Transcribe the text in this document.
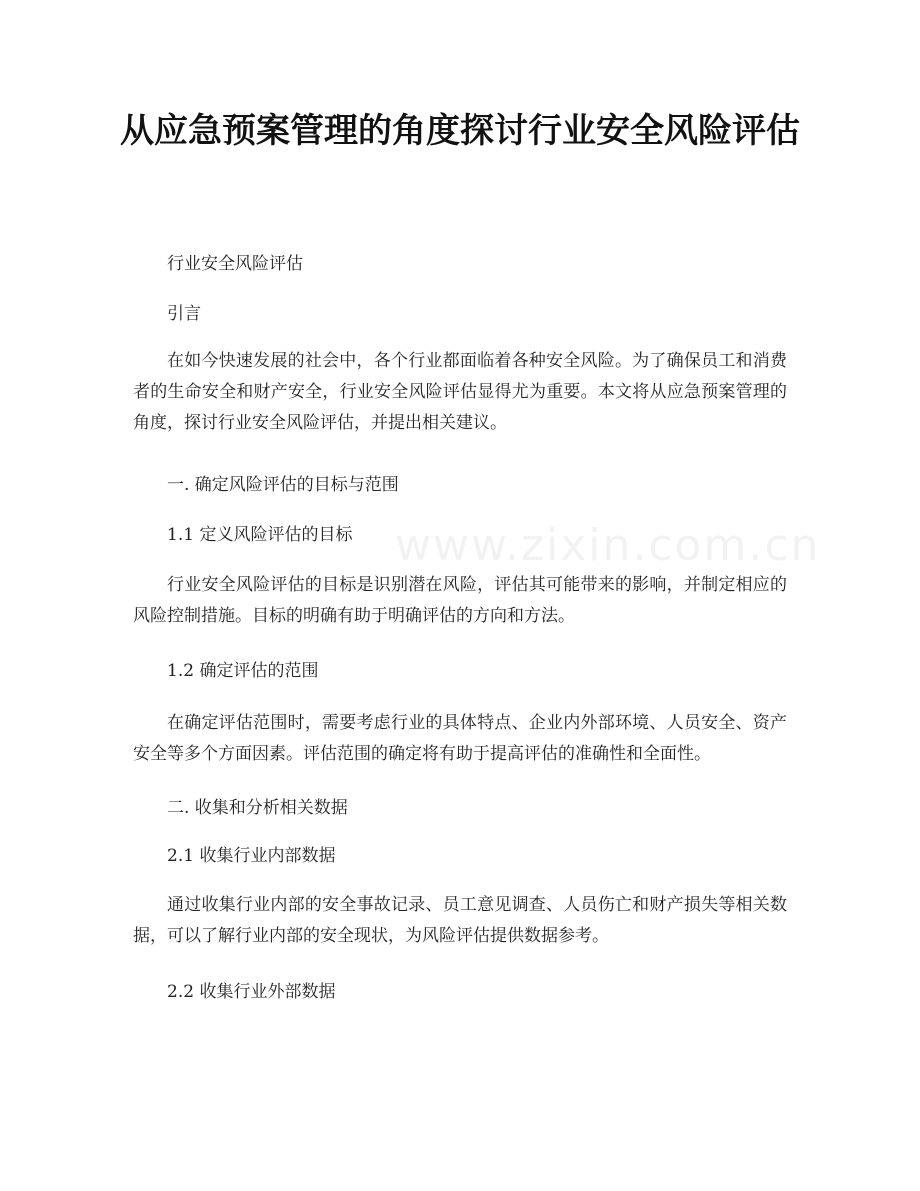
www.zixin.com.cn
从应急预案管理的角度探讨行业安全风险评估

行业安全风险评估

引言

在如今快速发展的社会中，各个行业都面临着各种安全风险。为了确保员工和消费者的生命安全和财产安全，行业安全风险评估显得尤为重要。本文将从应急预案管理的角度，探讨行业安全风险评估，并提出相关建议。

一. 确定风险评估的目标与范围

1.1 定义风险评估的目标

行业安全风险评估的目标是识别潜在风险，评估其可能带来的影响，并制定相应的风险控制措施。目标的明确有助于明确评估的方向和方法。

1.2 确定评估的范围

在确定评估范围时，需要考虑行业的具体特点、企业内外部环境、人员安全、资产安全等多个方面因素。评估范围的确定将有助于提高评估的准确性和全面性。

二. 收集和分析相关数据

2.1 收集行业内部数据

通过收集行业内部的安全事故记录、员工意见调查、人员伤亡和财产损失等相关数据，可以了解行业内部的安全现状，为风险评估提供数据参考。

2.2 收集行业外部数据
